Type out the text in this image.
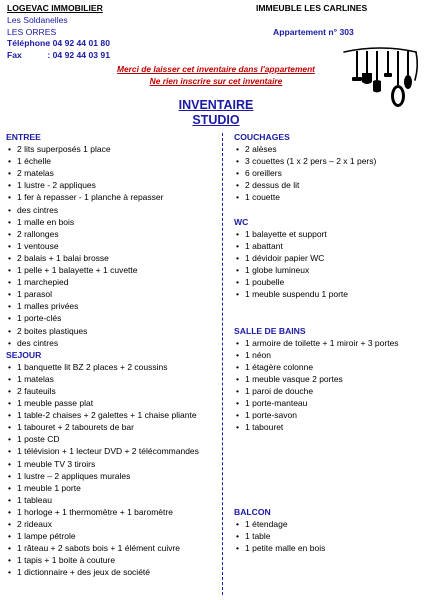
LOGEVAC IMMOBILIER
Les Soldanelles
LES ORRES
Téléphone : 04 92 44 01 80
Fax	: 04 92 44 03 91
IMMEUBLE LES CARLINES
Appartement n° 303
Merci de laisser cet inventaire dans l'appartement
Ne rien inscrire sur cet inventaire
INVENTAIRE
STUDIO
ENTREE
• 2 lits superposés 1 place
• 1 échelle
• 2 matelas
• 1 lustre - 2 appliques
• 1 fer à repasser - 1 planche à repasser
• des cintres
• 1 malle en bois
• 2 rallonges
• 1 ventouse
• 2 balais + 1 balai brosse
• 1 pelle + 1 balayette + 1 cuvette
• 1 marchepied
• 1 parasol
• 1 malles privées
• 1 porte-clés
• 2 boites plastiques
• des cintres
SEJOUR
• 1 banquette lit BZ 2 places + 2 coussins
• 1 matelas
• 2 fauteuils
• 1 meuble passe plat
• 1 table-2 chaises + 2 galettes + 1 chaise pliante
• 1 tabouret + 2 tabourets de bar
• 1 poste CD
• 1 télévision + 1 lecteur DVD + 2 télécommandes
• 1 meuble TV 3 tiroirs
• 1 lustre – 2 appliques murales
• 1 meuble 1 porte
• 1 tableau
• 1 horloge + 1 thermomètre + 1 baromètre
• 2 rideaux
• 1 lampe pétrole
• 1 râteau + 2 sabots bois + 1 élément cuivre
• 1 tapis + 1 boite à couture
• 1 dictionnaire + des jeux de société
COUCHAGES
• 2 alèses
• 3 couettes (1 x 2 pers – 2 x 1 pers)
• 6 oreillers
• 2 dessus de lit
• 1 couette
WC
• 1 balayette et support
• 1 abattant
• 1 dévidoir papier WC
• 1 globe lumineux
• 1 poubelle
• 1 meuble suspendu 1 porte
SALLE DE BAINS
• 1 armoire de toilette + 1 miroir + 3 portes
• 1 néon
• 1 étagère colonne
• 1 meuble vasque 2 portes
• 1 paroi de douche
• 1 porte-manteau
• 1 porte-savon
• 1 tabouret
BALCON
• 1 étendage
• 1 table
• 1 petite malle en bois
